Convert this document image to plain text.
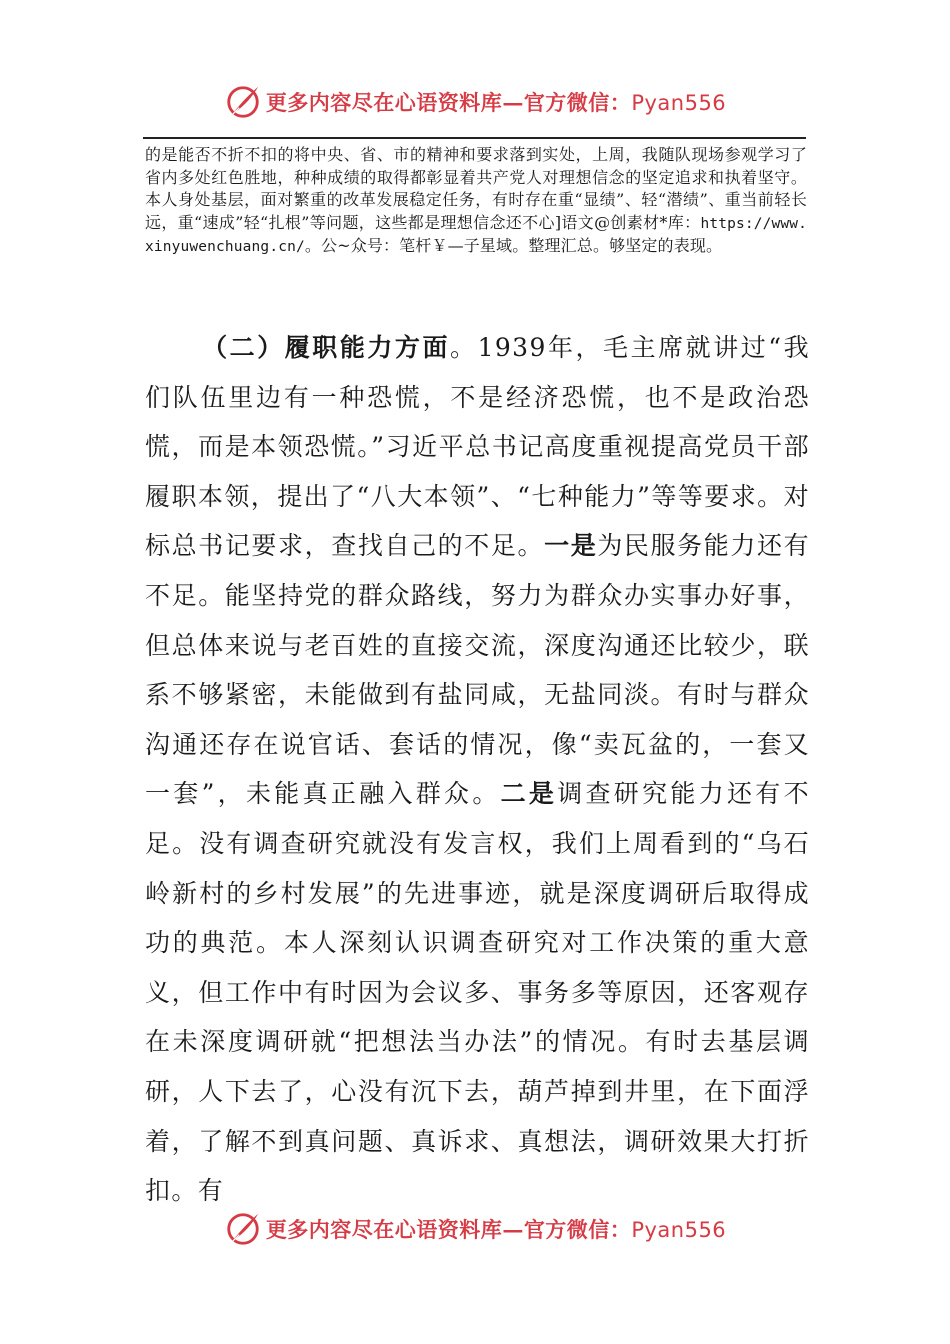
更多内容尽在心语资料库—官方微信：Pyan556
的是能否不折不扣的将中央、省、市的精神和要求落到实处，上周，我随队现场参观学习了省内多处红色胜地，种种成绩的取得都彰显着共产党人对理想信念的坚定追求和执着坚守。本人身处基层，面对繁重的改革发展稳定任务，有时存在重“显绩”、轻“潜绩”、重当前轻长远，重“速成”轻“扎根”等问题，这些都是理想信念还不心]语文@创素材*库：https://www.xinyuwenchuang.cn/。公~众号：笔杆￥—子星域。整理汇总。够坚定的表现。

（二）履职能力方面。1939年，毛主席就讲过“我们队伍里边有一种恐慌，不是经济恐慌，也不是政治恐慌，而是本领恐慌。”习近平总书记高度重视提高党员干部履职本领，提出了“八大本领”、“七种能力”等等要求。对标总书记要求，查找自己的不足。一是为民服务能力还有不足。能坚持党的群众路线，努力为群众办实事办好事，但总体来说与老百姓的直接交流，深度沟通还比较少，联系不够紧密，未能做到有盐同咸，无盐同淡。有时与群众沟通还存在说官话、套话的情况，像“卖瓦盆的，一套又一套”，未能真正融入群众。二是调查研究能力还有不足。没有调查研究就没有发言权，我们上周看到的“乌石岭新村的乡村发展”的先进事迹，就是深度调研后取得成功的典范。本人深刻认识调查研究对工作决策的重大意义，但工作中有时因为会议多、事务多等原因，还客观存在未深度调研就“把想法当办法”的情况。有时去基层调研，人下去了，心没有沉下去，葫芦掉到井里，在下面浮着，了解不到真问题、真诉求、真想法，调研效果大打折扣。有

更多内容尽在心语资料库—官方微信：Pyan556
